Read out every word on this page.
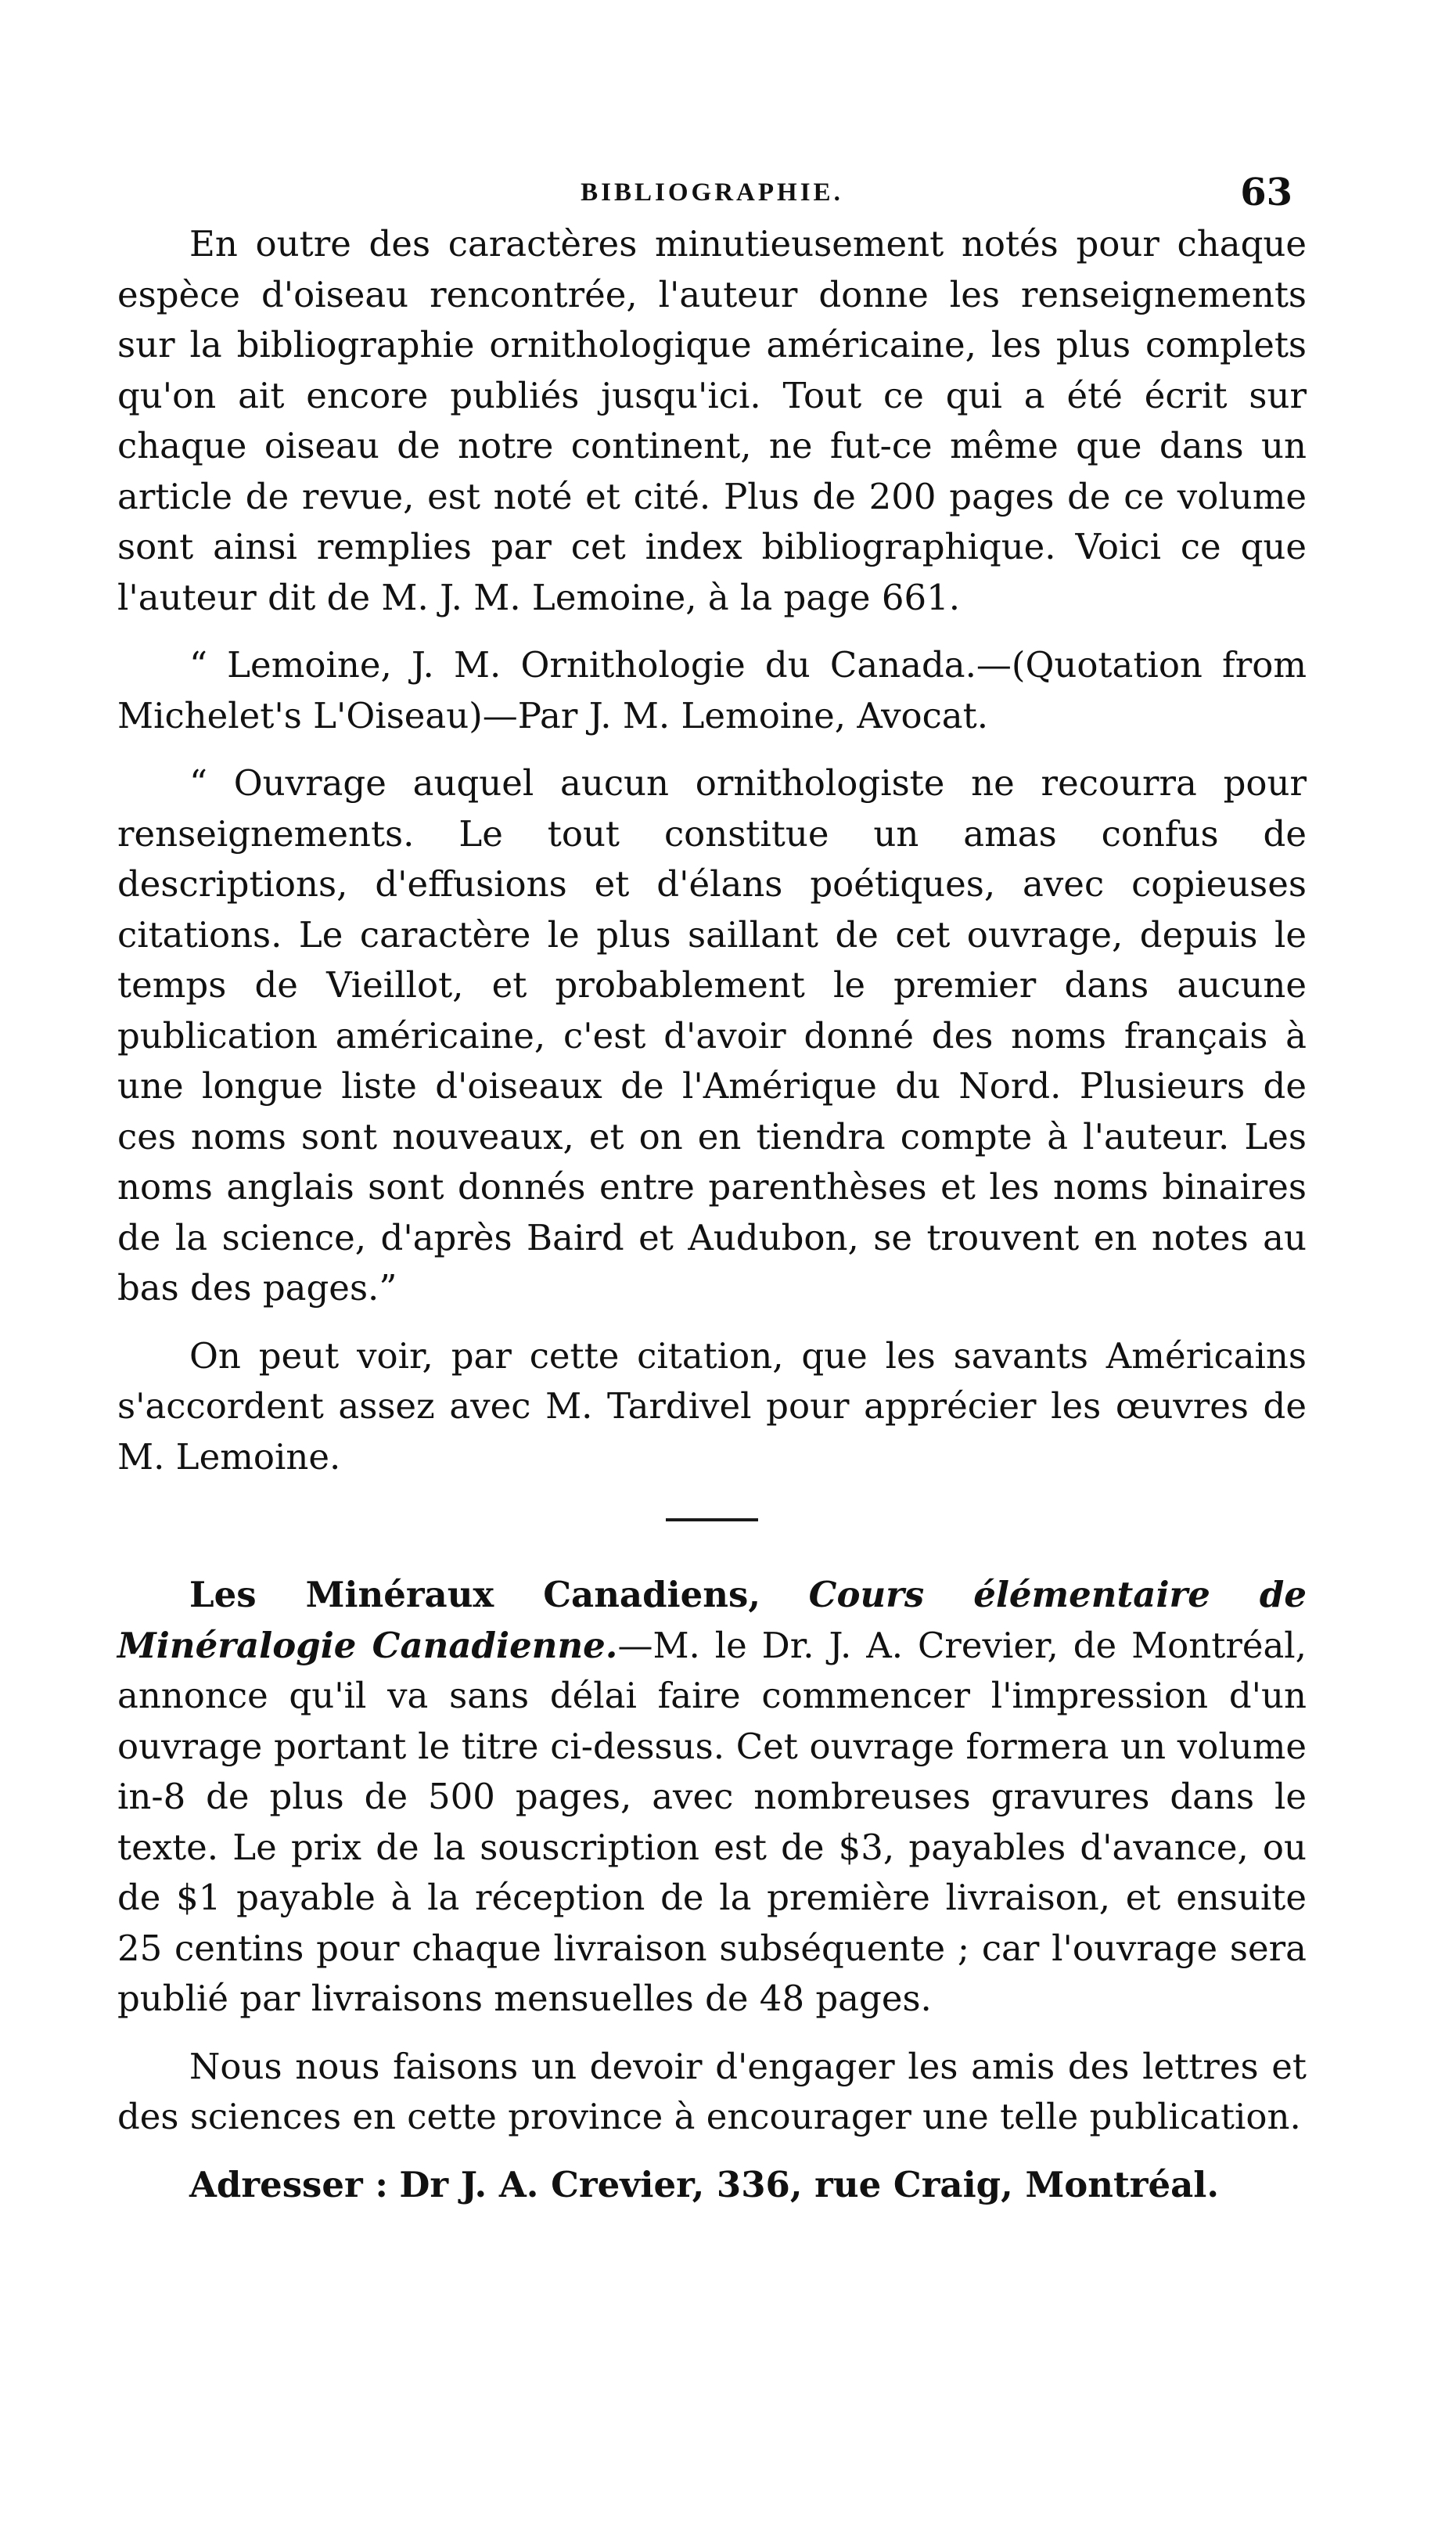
BIBLIOGRAPHIE.	63

En outre des caractères minutieusement notés pour chaque espèce d'oiseau rencontrée, l'auteur donne les renseignements sur la bibliographie ornithologique américaine, les plus complets qu'on ait encore publiés jusqu'ici. Tout ce qui a été écrit sur chaque oiseau de notre continent, ne fut-ce même que dans un article de revue, est noté et cité. Plus de 200 pages de ce volume sont ainsi remplies par cet index bibliographique. Voici ce que l'auteur dit de M. J. M. Lemoine, à la page 661.

“ Lemoine, J. M. Ornithologie du Canada.—(Quotation from Michelet's L'Oiseau)—Par J. M. Lemoine, Avocat.

“ Ouvrage auquel aucun ornithologiste ne recourra pour renseignements. Le tout constitue un amas confus de descriptions, d'effusions et d'élans poétiques, avec copieuses citations. Le caractère le plus saillant de cet ouvrage, depuis le temps de Vieillot, et probablement le premier dans aucune publication américaine, c'est d'avoir donné des noms français à une longue liste d'oiseaux de l'Amérique du Nord. Plusieurs de ces noms sont nouveaux, et on en tiendra compte à l'auteur. Les noms anglais sont donnés entre parenthèses et les noms binaires de la science, d'après Baird et Audubon, se trouvent en notes au bas des pages.”

On peut voir, par cette citation, que les savants Américains s'accordent assez avec M. Tardivel pour apprécier les œuvres de M. Lemoine.

Les Minéraux Canadiens, Cours élémentaire de Minéralogie Canadienne.—M. le Dr. J. A. Crevier, de Montréal, annonce qu'il va sans délai faire commencer l'impression d'un ouvrage portant le titre ci-dessus. Cet ouvrage formera un volume in-8 de plus de 500 pages, avec nombreuses gravures dans le texte. Le prix de la souscription est de $3, payables d'avance, ou de $1 payable à la réception de la première livraison, et ensuite 25 centins pour chaque livraison subséquente ; car l'ouvrage sera publié par livraisons mensuelles de 48 pages.

Nous nous faisons un devoir d'engager les amis des lettres et des sciences en cette province à encourager une telle publication.

Adresser : Dr J. A. Crevier, 336, rue Craig, Montréal.
